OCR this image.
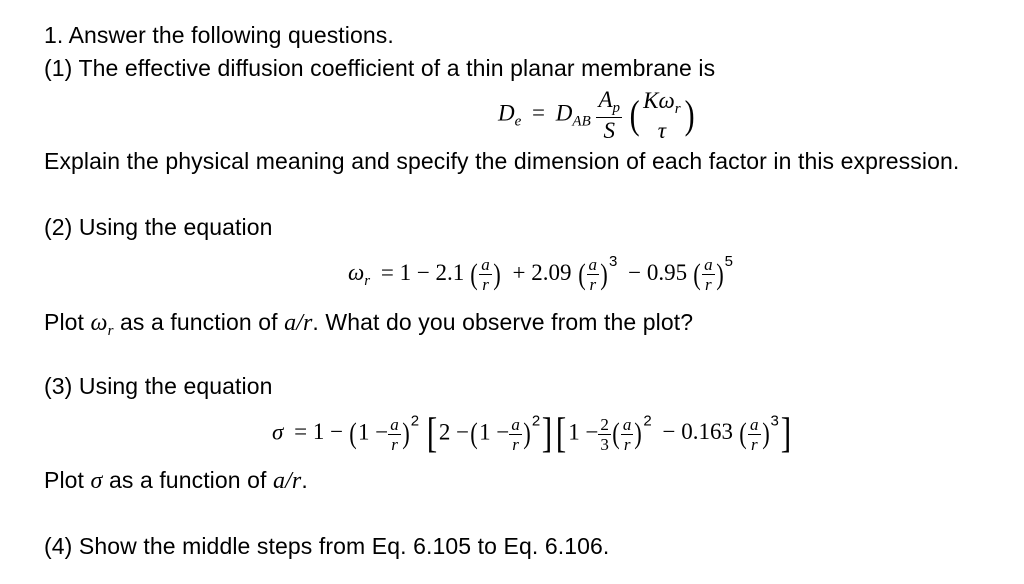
1. Answer the following questions.
(1) The effective diffusion coefficient of a thin planar membrane is
$D_e = D_{AB} \frac{A_p}{S}$ ( $K\omega_r$
τ )
Explain the physical meaning and specify the dimension of each factor in this expression.
(2) Using the equation
$\omega_r = 1 - 2.1$ ( $\frac{a}{r}$ ) + 2.09 ( $\frac{a}{r} )^3 - 0.95$ ( $\frac{a}{r} )^5$
Plot $\omega_r$ as a function of a/r. What do you observe from the plot?
(3) Using the equation
$\sigma = 1 - (1 - \frac{a}{r} )^2$ $[2 -(1 - \frac{a}{r} )^2][1 - \frac{2}{3}$ ( $\frac{a}{r} )^2 - 0.163$ ( $\frac{a}{r} )^3$]
Plot σ as a function of a/r.
(4) Show the middle steps from Eq. 6.105 to Eq. 6.106.
